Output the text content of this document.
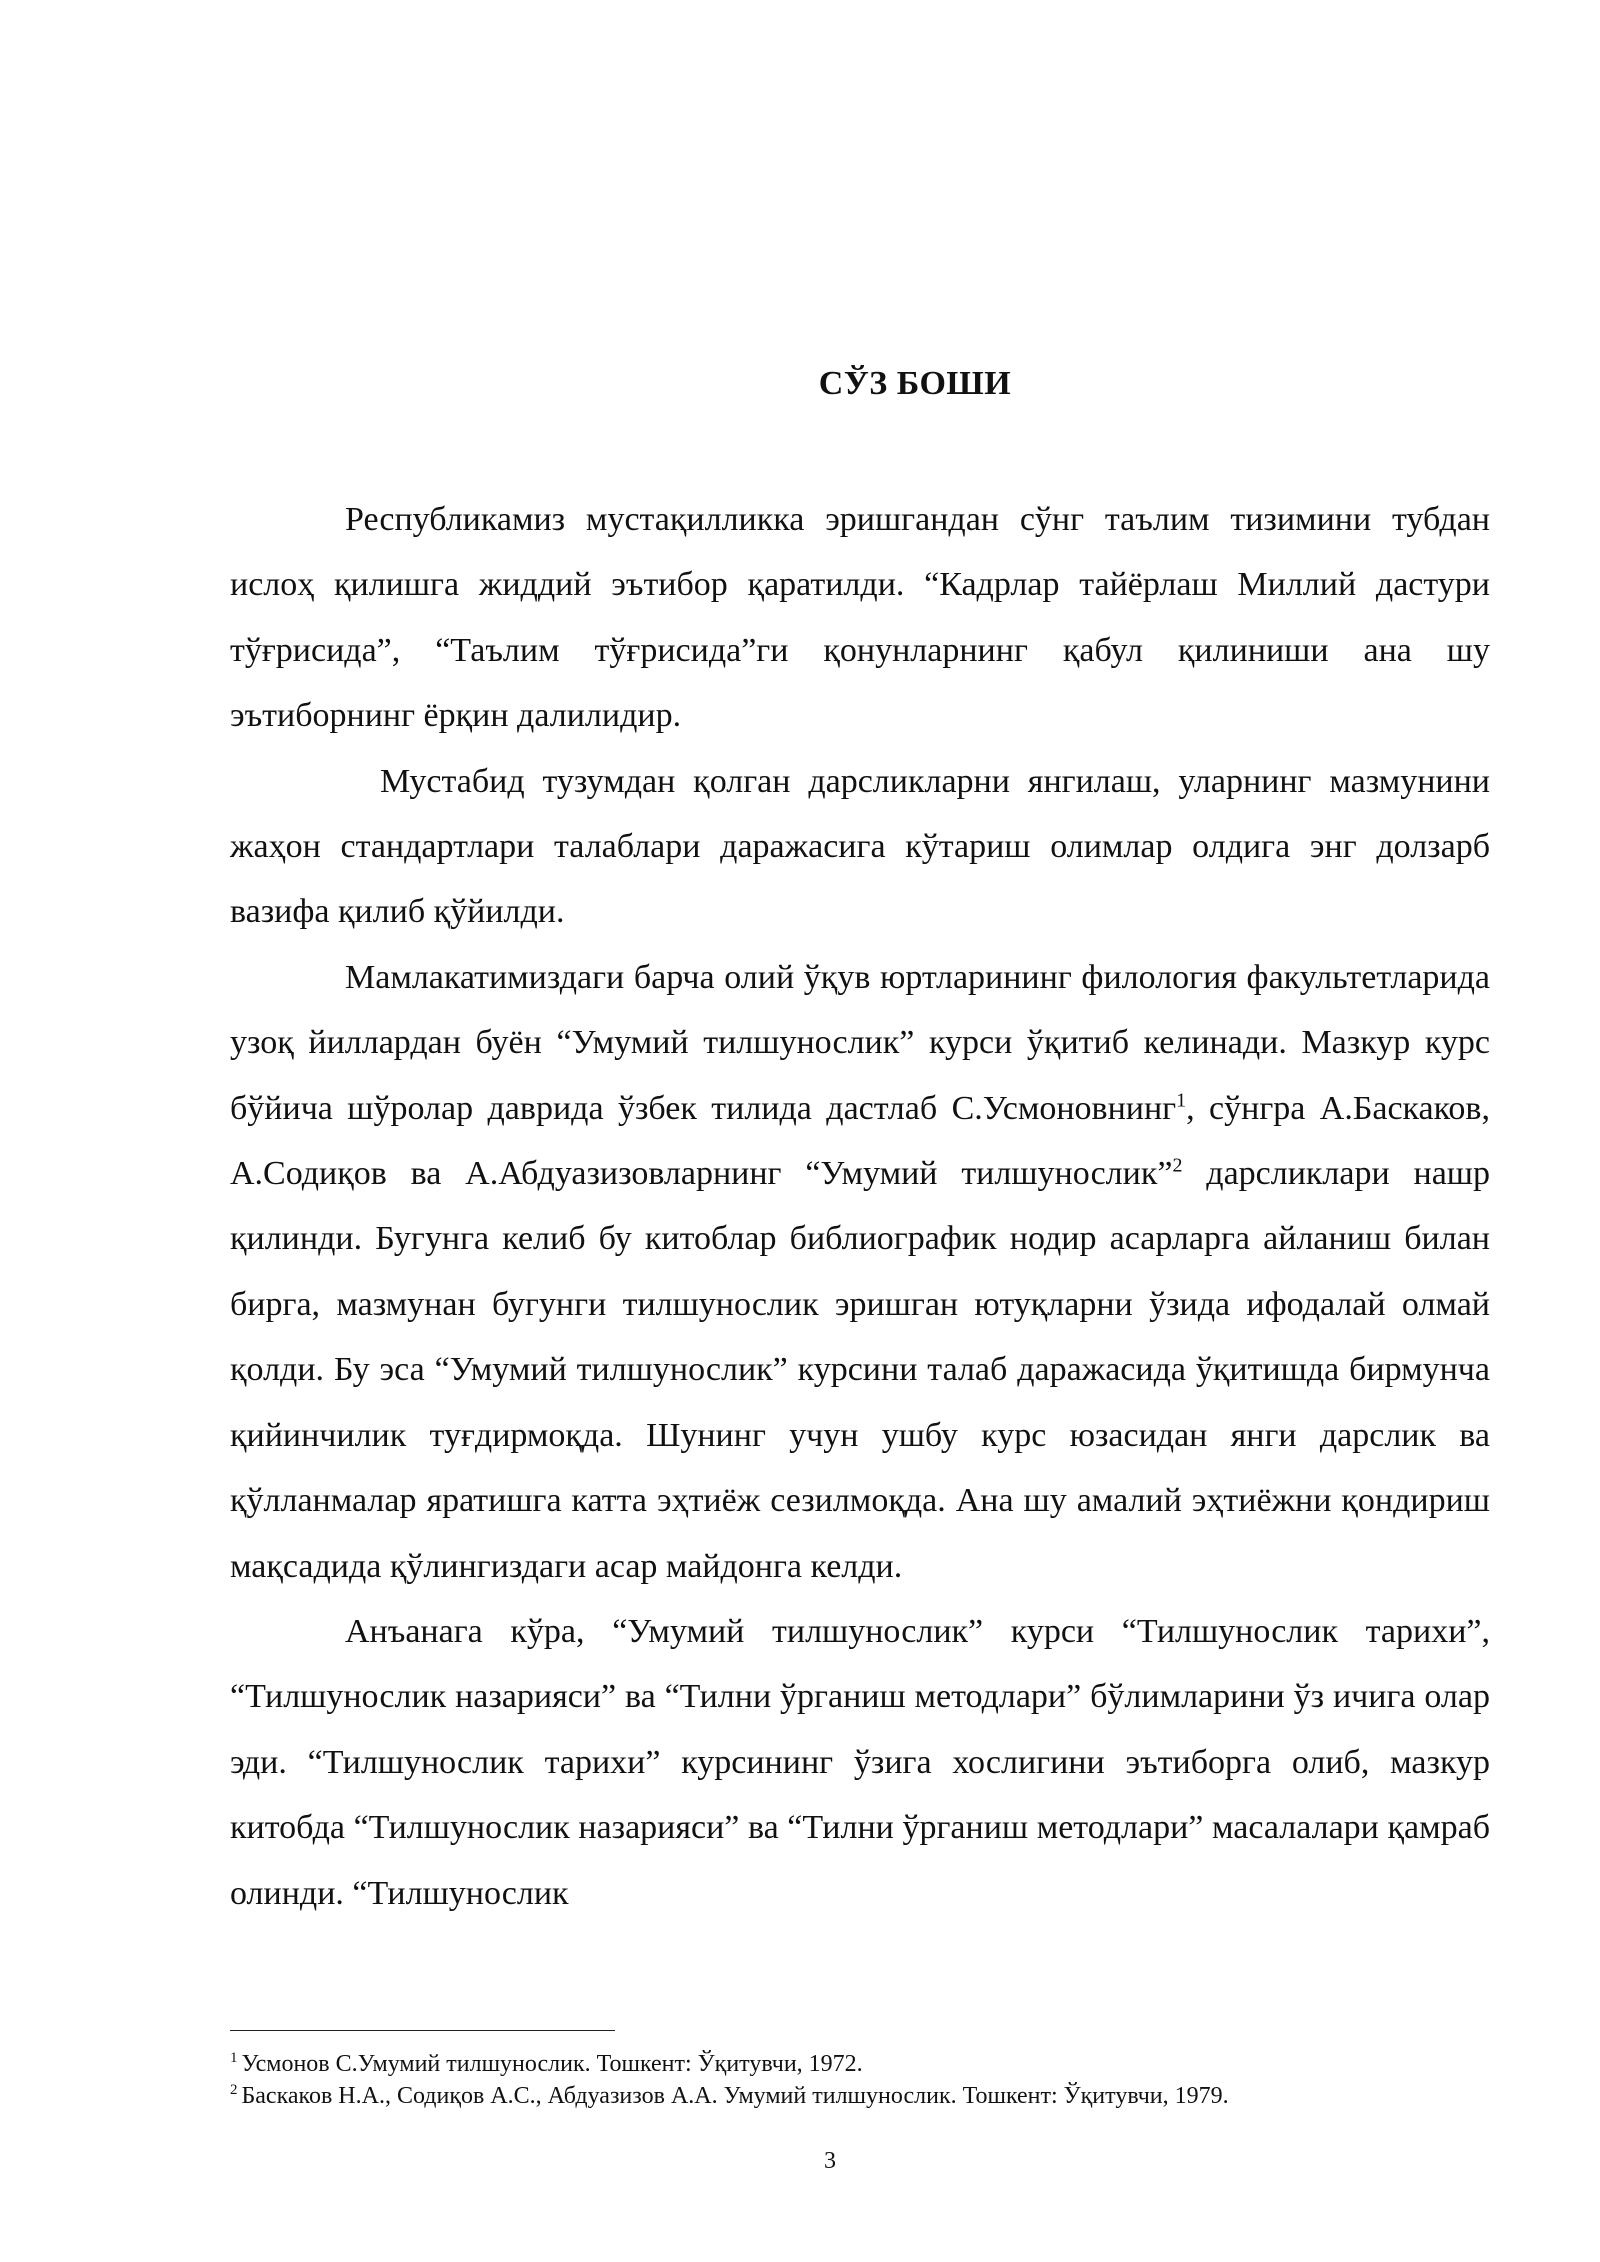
СЎЗ БОШИ

Республикамиз мустақилликка эришгандан сўнг таълим тизимини тубдан ислоҳ қилишга жиддий эътибор қаратилди. “Кадрлар тайёрлаш Миллий дастури тўғрисида”, “Таълим тўғрисида”ги қонунларнинг қабул қилиниши ана шу эътиборнинг ёрқин далилидир.

Мустабид тузумдан қолган дарсликларни янгилаш, уларнинг мазмунини жаҳон стандартлари талаблари даражасига кўтариш олимлар олдига энг долзарб вазифа қилиб қўйилди.

Мамлакатимиздаги барча олий ўқув юртларининг филология факультетларида узоқ йиллардан буён “Умумий тилшунослик” курси ўқитиб келинади. Мазкур курс бўйича шўролар даврида ўзбек тилида дастлаб С.Усмоновнинг$^1$, сўнгра А.Баскаков, А.Содиқов ва А.Абдуазизовларнинг “Умумий тилшунослик”$^2$ дарсликлари нашр қилинди. Бугунга келиб бу китоблар библиографик нодир асарларга айланиш билан бирга, мазмунан бугунги тилшунослик эришган ютуқларни ўзида ифодалай олмай қолди. Бу эса “Умумий тилшунослик” курсини талаб даражасида ўқитишда бирмунча қийинчилик туғдирмоқда. Шунинг учун ушбу курс юзасидан янги дарслик ва қўлланмалар яратишга катта эҳтиёж сезилмоқда. Ана шу амалий эҳтиёжни қондириш мақсадида қўлингиздаги асар майдонга келди.

Анъанага кўра, “Умумий тилшунослик” курси “Тилшунослик тарихи”, “Тилшунослик назарияси” ва “Тилни ўрганиш методлари” бўлимларини ўз ичига олар эди. “Тилшунослик тарихи” курсининг ўзига хослигини эътиборга олиб, мазкур китобда “Тилшунослик назарияси” ва “Тилни ўрганиш методлари” масалалари қамраб олинди. “Тилшунослик

$^1$ Усмонов С.Умумий тилшунослик. Тошкент: Ўқитувчи, 1972.
$^2$ Баскаков Н.А., Содиқов А.С., Абдуазизов А.А. Умумий тилшунослик. Тошкент: Ўқитувчи, 1979.
3
